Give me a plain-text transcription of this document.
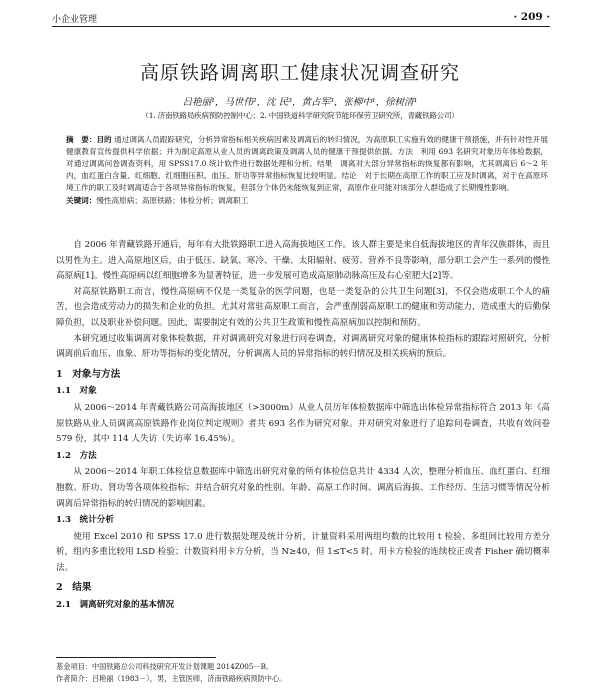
小企业管理	· 209 ·
高原铁路调离职工健康状况调查研究
吕艳丽¹，马世伟²，沈 民³，黄占军³，张柳中¹，徐树清¹
（1. 济南铁路局疾病预防控制中心；2. 中国铁道科学研究院节能环保劳卫研究所，青藏铁路公司）

摘　要：目的 通过调离人员跟踪研究，分析异常指标相关疾病因素及调离后的转归情况，为高原职工实施有效的健康干预措施，并有针对性开展健康教育宣传提供科学依据；并为制定高原从业人员的调离政策及调离人员的健康干预提供依据。方法　利用 693 名研究对象历年体检数据，对通过调离问卷调查资料，用 SPSS17.0 统计软件进行数据处理和分析。结果　调离对大部分异常指标的恢复都有影响，尤其调离后 6～2 年内，血红蛋白含量、红细胞、红细胞压积、血压、肝功等异常指标恢复比较明显。结论　对于长期在高原工作的职工应及时调离，对于在高原环境工作的职工及时调离适合于各项异常指标的恢复，但部分个体仍未能恢复到正常，高原作业可能对该部分人群造成了长期慢性影响。

关键词：慢性高原病；高原铁路；体检分析；调离职工

自 2006 年青藏铁路开通后，每年有大批铁路职工进入高海拔地区工作。该人群主要是来自低海拔地区的青年汉族群体，而且以男性为主。进入高原地区后，由于低压、缺氧、寒冷、干燥、太阳辐射、疲劳、营养不良等影响，部分职工会产生一系列的慢性高原病[1]。慢性高原病以红细胞增多为显著特征，进一步发展可造成高原肺动脉高压及右心室肥大[2]等。

对高原铁路职工而言，慢性高原病不仅是一类复杂的医学问题，也是一类复杂的公共卫生问题[3]，不仅会造成职工个人的痛苦，也会造成劳动力的损失和企业的负担。尤其对常驻高原职工而言，会严重削弱高原职工的健康和劳动能力，造成重大的后勤保障负担，以及职业补偿问题。因此，需要制定有效的公共卫生政策和慢性高原病加以控制和预防。

本研究通过收集调离对象体检数据，并对调离研究对象进行问卷调查，对调离研究对象的健康体检指标的跟踪对照研究，分析调离前后血压、血象、肝功等指标的变化情况，分析调离人员的异常指标的转归情况及相关疾病的预后。

1　对象与方法
1.1　对象

从 2006～2014 年青藏铁路公司高海拔地区（>3000m）从业人员历年体检数据库中筛选出体检异常指标符合 2013 年《高原铁路从业人员调离高原铁路作业岗位判定规则》者共 693 名作为研究对象。并对研究对象进行了追踪问卷调查，共收有效问卷 579 份，其中 114 人失访（失访率 16.45%）。

1.2　方法

从 2006～2014 年职工体检信息数据库中筛选出研究对象的所有体检信息共计 4334 人次，整理分析血压、血红蛋白、红细胞数、肝功、肾功等各项体检指标；并结合研究对象的性别、年龄、高原工作时间、调离后海拔、工作经历、生活习惯等情况分析调离后异常指标的转归情况的影响因素。

1.3　统计分析

使用 Excel 2010 和 SPSS 17.0 进行数据处理及统计分析，计量资料采用两组均数的比较用 t 检验、多组间比较用方差分析，组内多重比较用 LSD 检验；计数资料用卡方分析，当 N≥40，但 1≤T<5 时，用卡方检验的连续校正或者 Fisher 确切概率法。

2　结果
2.1　调离研究对象的基本情况
基金项目：中国铁路总公司科技研究开发计划课题 2014Z005－B。
作者简介：吕艳丽（1983－），男，主管医师，济南铁路疾病预防中心。
